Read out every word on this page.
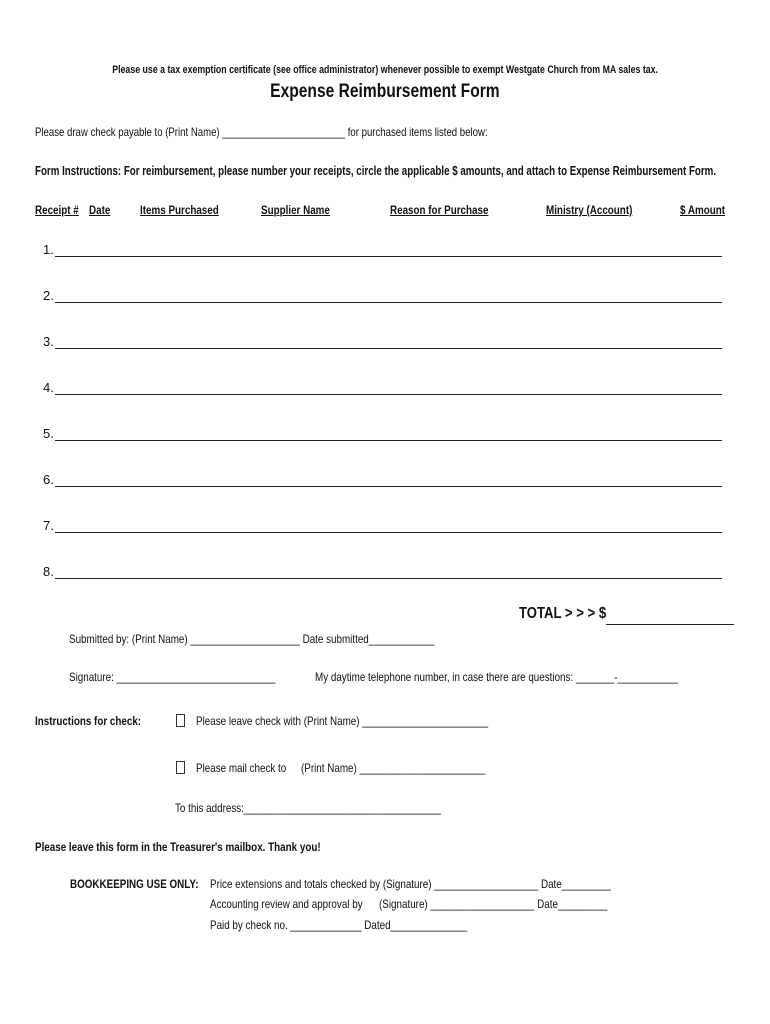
Please use a tax exemption certificate (see office administrator) whenever possible to exempt Westgate Church from MA sales tax.
Expense Reimbursement Form
Please draw check payable to (Print Name) _______________________ for purchased items listed below:
Form Instructions: For reimbursement, please number your receipts, circle the applicable $ amounts, and attach to Expense Reimbursement Form.
Receipt # Date Items Purchased	Supplier Name	Reason for Purchase	Ministry (Account)	$ Amount
1.
2.
3.
4.
5.
6.
7.
8.
TOTAL > > > $
Submitted by: (Print Name) ____________________ Date submitted____________
Signature: _____________________________	My daytime telephone number, in case there are questions: _______-___________
Instructions for check:	Please leave check with (Print Name) _______________________
Please mail check to (Print Name) _______________________
To this address:____________________________________
Please leave this form in the Treasurer's mailbox. Thank you!
BOOKKEEPING USE ONLY: Price extensions and totals checked by (Signature) ___________________ Date_________
Accounting review and approval by      (Signature) ___________________ Date_________
Paid by check no. _____________ Dated______________
